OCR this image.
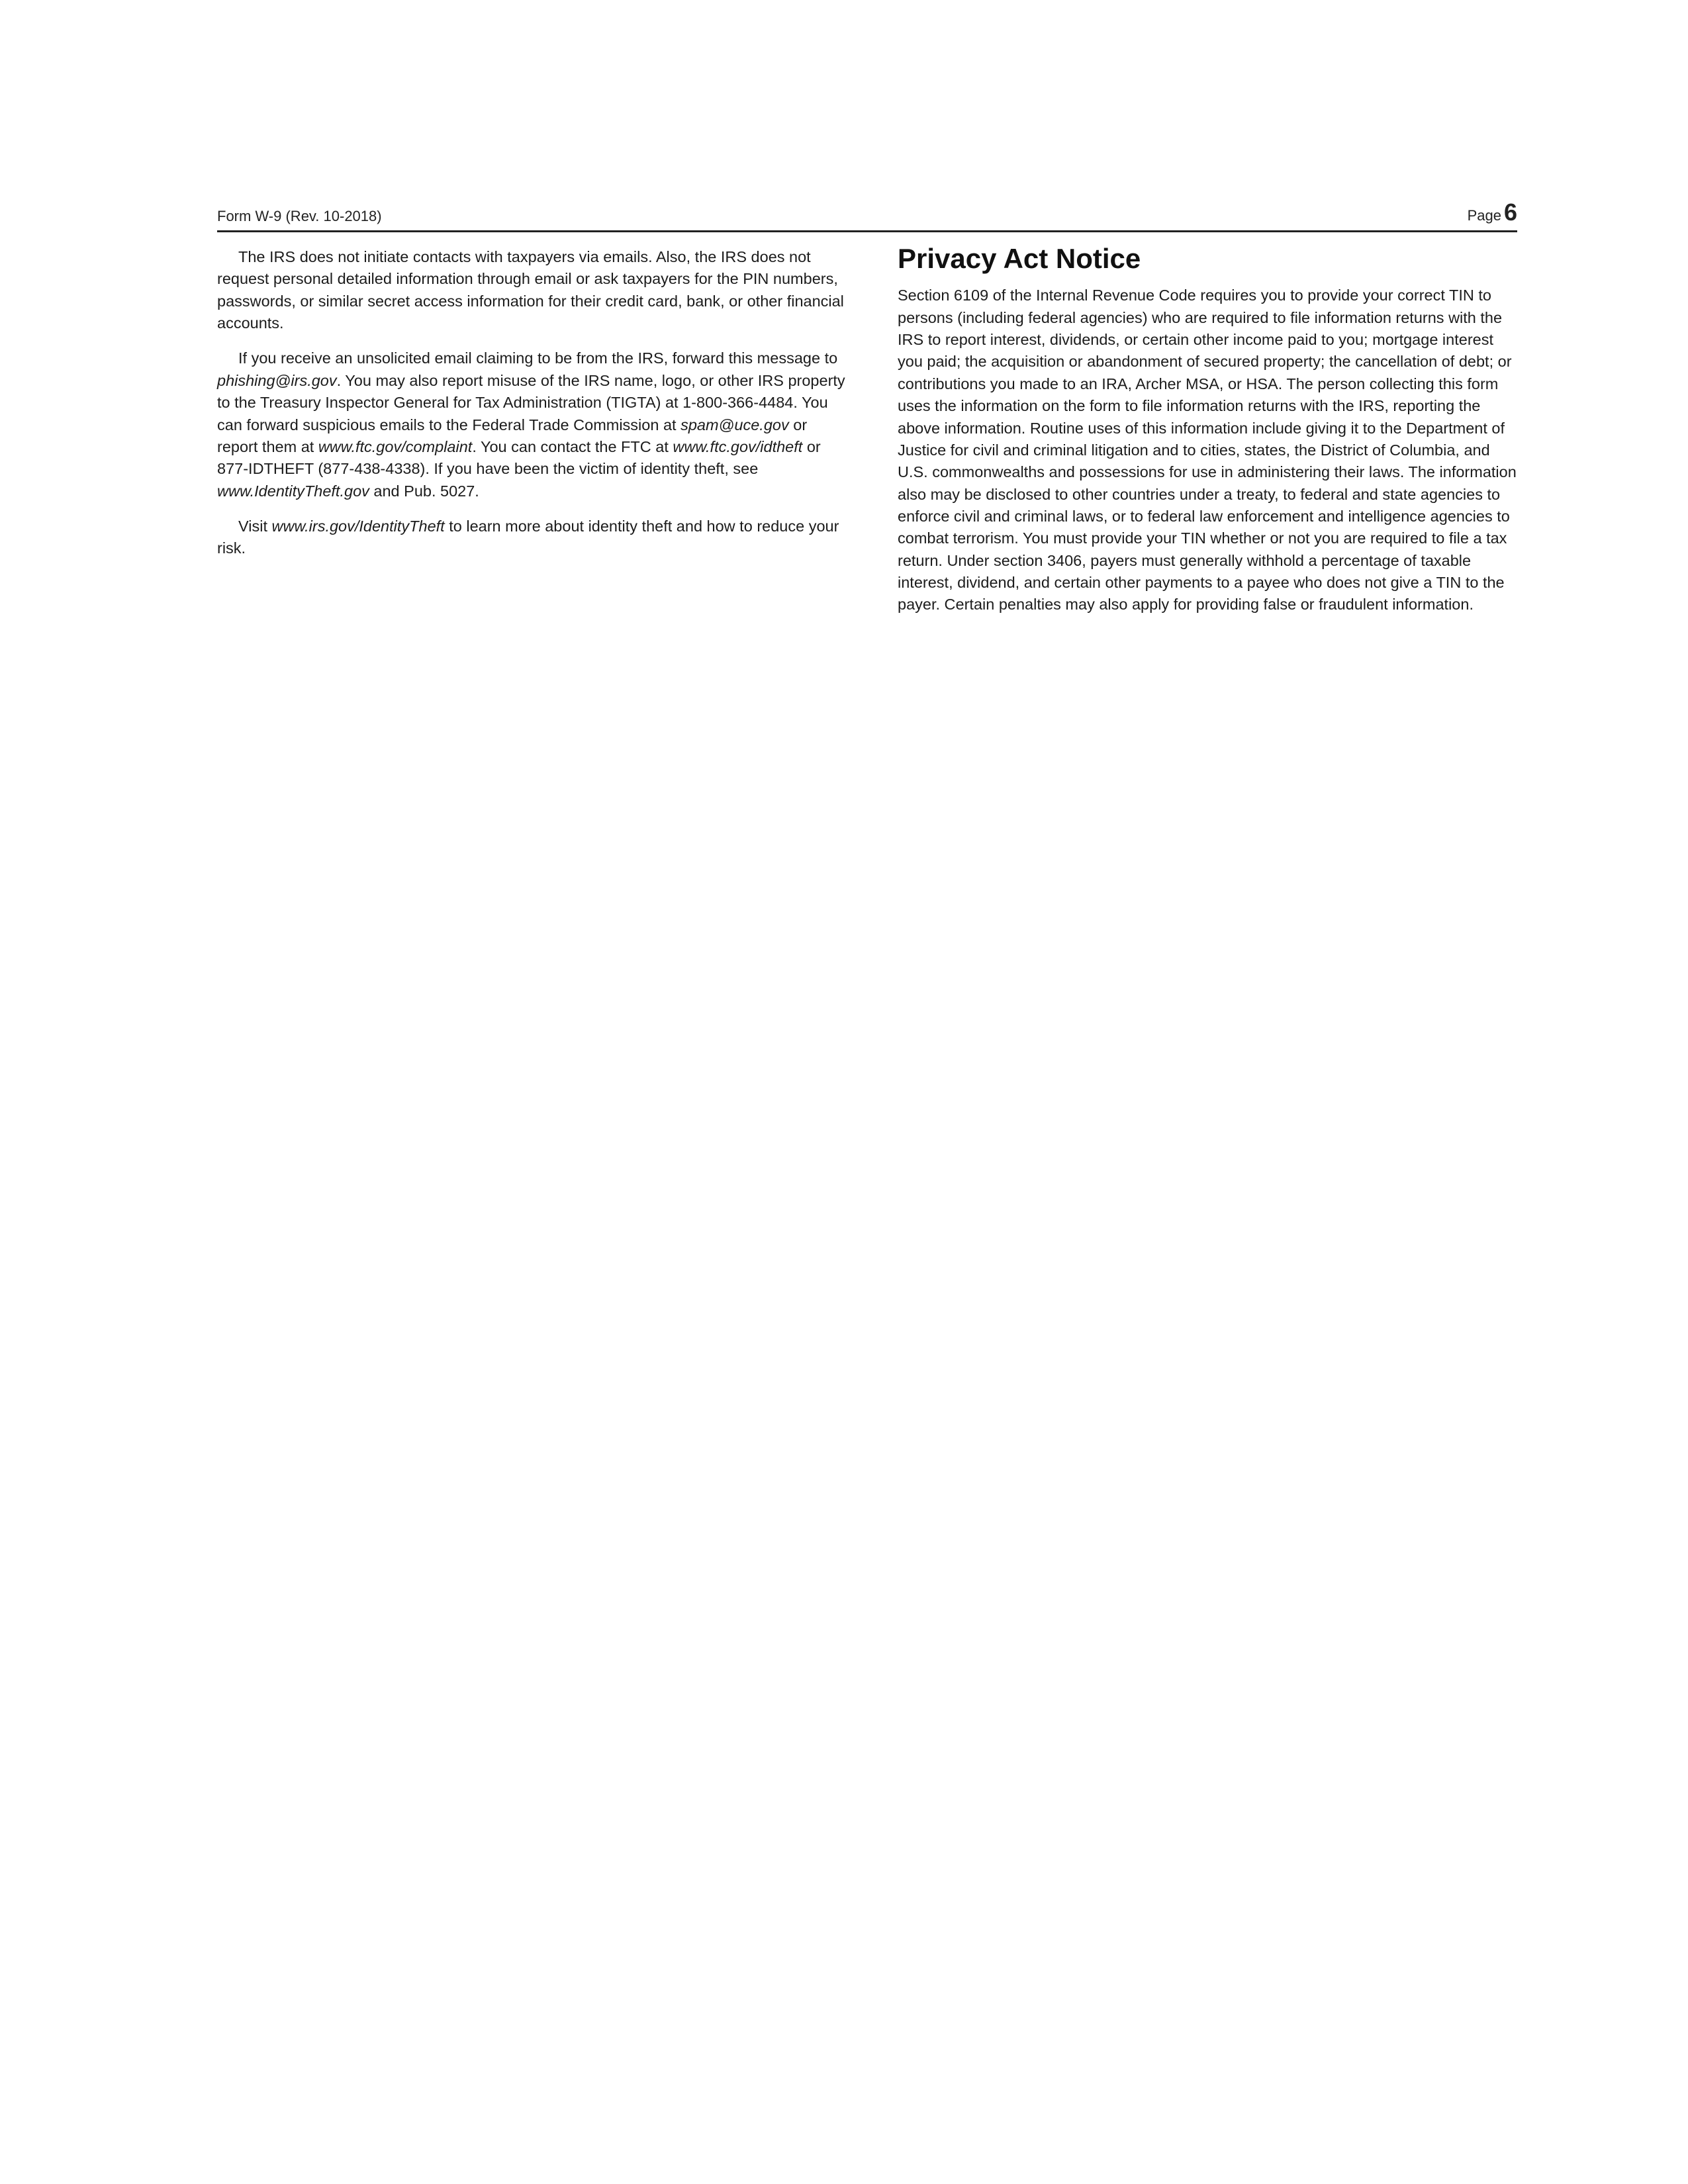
Form W-9 (Rev. 10-2018)	Page 6

The IRS does not initiate contacts with taxpayers via emails. Also, the IRS does not request personal detailed information through email or ask taxpayers for the PIN numbers, passwords, or similar secret access information for their credit card, bank, or other financial accounts.

If you receive an unsolicited email claiming to be from the IRS, forward this message to phishing@irs.gov. You may also report misuse of the IRS name, logo, or other IRS property to the Treasury Inspector General for Tax Administration (TIGTA) at 1-800-366-4484. You can forward suspicious emails to the Federal Trade Commission at spam@uce.gov or report them at www.ftc.gov/complaint. You can contact the FTC at www.ftc.gov/idtheft or 877-IDTHEFT (877-438-4338). If you have been the victim of identity theft, see www.IdentityTheft.gov and Pub. 5027.

Visit www.irs.gov/IdentityTheft to learn more about identity theft and how to reduce your risk.

Privacy Act Notice

Section 6109 of the Internal Revenue Code requires you to provide your correct TIN to persons (including federal agencies) who are required to file information returns with the IRS to report interest, dividends, or certain other income paid to you; mortgage interest you paid; the acquisition or abandonment of secured property; the cancellation of debt; or contributions you made to an IRA, Archer MSA, or HSA. The person collecting this form uses the information on the form to file information returns with the IRS, reporting the above information. Routine uses of this information include giving it to the Department of Justice for civil and criminal litigation and to cities, states, the District of Columbia, and U.S. commonwealths and possessions for use in administering their laws. The information also may be disclosed to other countries under a treaty, to federal and state agencies to enforce civil and criminal laws, or to federal law enforcement and intelligence agencies to combat terrorism. You must provide your TIN whether or not you are required to file a tax return. Under section 3406, payers must generally withhold a percentage of taxable interest, dividend, and certain other payments to a payee who does not give a TIN to the payer. Certain penalties may also apply for providing false or fraudulent information.
